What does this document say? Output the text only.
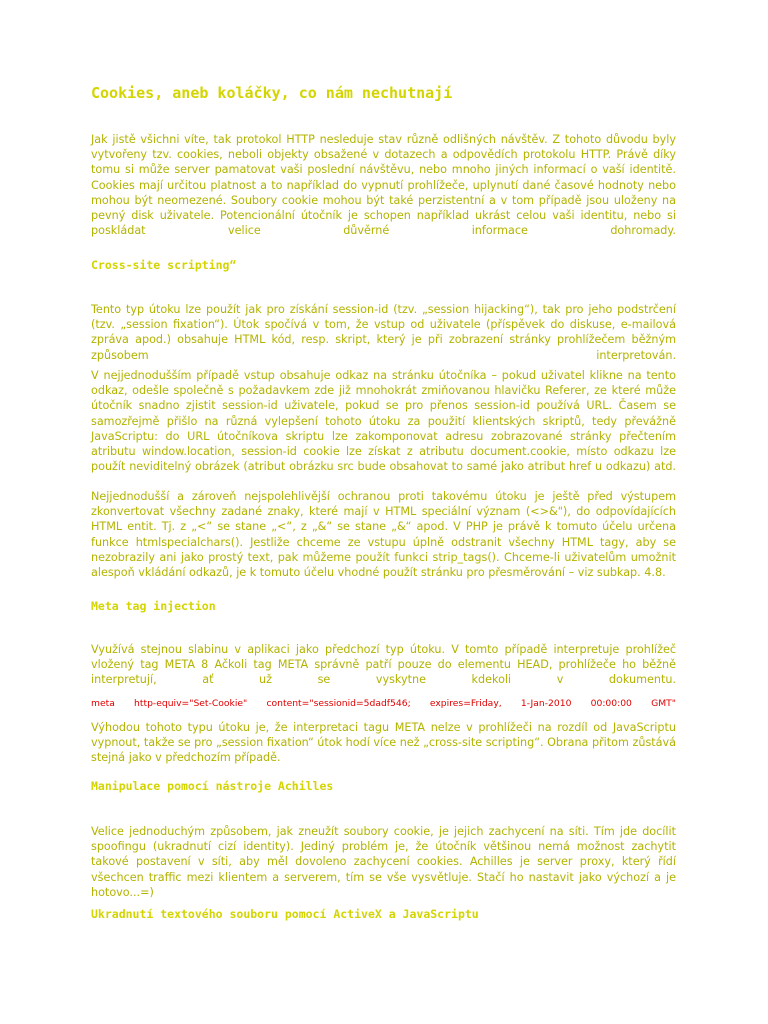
Cookies, aneb koláčky, co nám nechutnají

Jak jistě všichni víte, tak protokol HTTP nesleduje stav různě odlišných návštěv. Z tohoto důvodu byly vytvořeny tzv. cookies, neboli objekty obsažené v dotazech a odpovědích protokolu HTTP. Právě díky tomu si může server pamatovat vaši poslední návštěvu, nebo mnoho jiných informací o vaší identitě. Cookies mají určitou platnost a to například do vypnutí prohlížeče, uplynutí dané časové hodnoty nebo mohou být neomezené. Soubory cookie mohou být také perzistentní a v tom případě jsou uloženy na pevný disk uživatele. Potencionální útočník je schopen například ukrást celou vaši identitu, nebo si poskládat velice důvěrné informace dohromady.

Cross-site scripting“

Tento typ útoku lze použít jak pro získání session-id (tzv. „session hijacking“), tak pro jeho podstrčení (tzv. „session fixation“). Útok spočívá v tom, že vstup od uživatele (příspěvek do diskuse, e-mailová zpráva apod.) obsahuje HTML kód, resp. skript, který je při zobrazení stránky prohlížečem běžným způsobem interpretován.

V nejjednodušším případě vstup obsahuje odkaz na stránku útočníka – pokud uživatel klikne na tento odkaz, odešle společně s požadavkem zde již mnohokrát zmiňovanou hlavičku Referer, ze které může útočník snadno zjistit session-id uživatele, pokud se pro přenos session-id používá URL. Časem se samozřejmě přišlo na různá vylepšení tohoto útoku za použití klientských skriptů, tedy převážně JavaScriptu: do URL útočníkova skriptu lze zakomponovat adresu zobrazované stránky přečtením atributu window.location, session-id cookie lze získat z atributu document.cookie, místo odkazu lze použít neviditelný obrázek (atribut obrázku src bude obsahovat to samé jako atribut href u odkazu) atd.

Nejjednodušší a zároveň nejspolehlivější ochranou proti takovému útoku je ještě před výstupem zkonvertovat všechny zadané znaky, které mají v HTML speciální význam (<>&"), do odpovídajících HTML entit. Tj. z „<“ se stane „<“, z „&“ se stane „&“ apod. V PHP je právě k tomuto účelu určena funkce htmlspecialchars(). Jestliže chceme ze vstupu úplně odstranit všechny HTML tagy, aby se nezobrazily ani jako prostý text, pak můžeme použít funkci strip_tags(). Chceme-li uživatelům umožnit alespoň vkládání odkazů, je k tomuto účelu vhodné použít stránku pro přesměrování – viz subkap. 4.8.

Meta tag injection

Využívá stejnou slabinu v aplikaci jako předchozí typ útoku. V tomto případě interpretuje prohlížeč vložený tag META 8 Ačkoli tag META správně patří pouze do elementu HEAD, prohlížeče ho běžně interpretují, ať už se vyskytne kdekoli v dokumentu.

meta http-equiv="Set-Cookie" content="sessionid=5dadf546; expires=Friday, 1-Jan-2010 00:00:00 GMT"

Výhodou tohoto typu útoku je, že interpretaci tagu META nelze v prohlížeči na rozdíl od JavaScriptu vypnout, takže se pro „session fixation“ útok hodí více než „cross-site scripting“. Obrana přitom zůstává stejná jako v předchozím případě.

Manipulace pomocí nástroje Achilles

Velice jednoduchým způsobem, jak zneužít soubory cookie, je jejich zachycení na síti. Tím jde docílit spoofingu (ukradnutí cizí identity). Jediný problém je, že útočník většinou nemá možnost zachytit takové postavení v síti, aby měl dovoleno zachycení cookies. Achilles je server proxy, který řídí všechcen traffic mezi klientem a serverem, tím se vše vysvětluje. Stačí ho nastavit jako výchozí a je hotovo...=)

Ukradnutí textového souboru pomocí ActiveX a JavaScriptu
